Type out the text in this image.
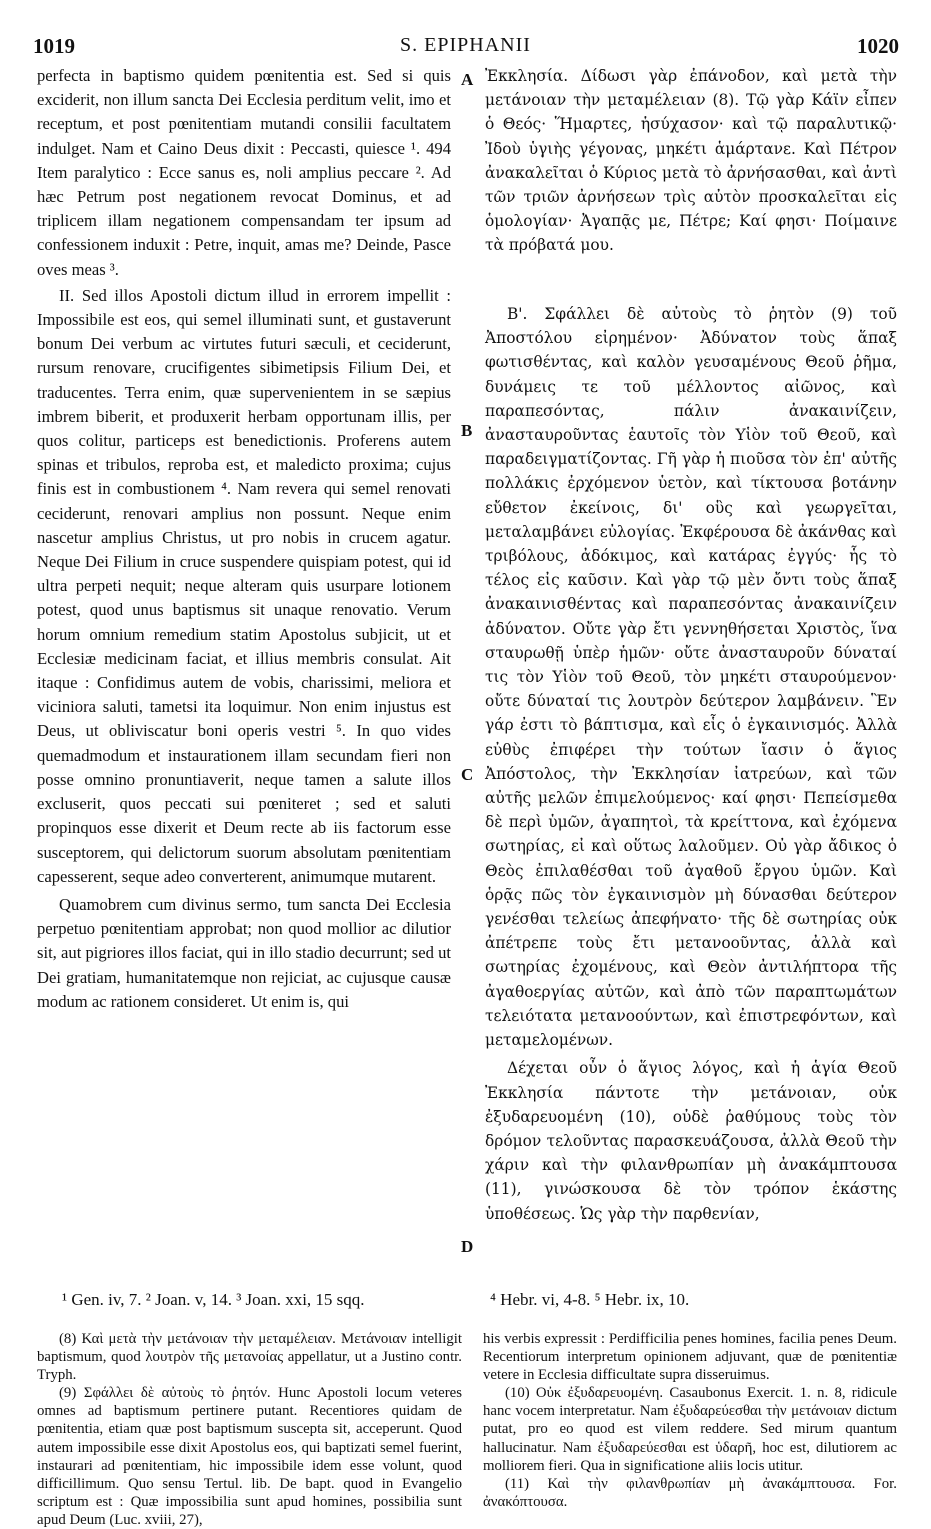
1019	S. EPIPHANII	1020
A
B
C
D

perfecta in baptismo quidem pœnitentia est. Sed si quis exciderit, non illum sancta Dei Ecclesia perditum velit, imo et receptum, et post pœnitentiam mutandi consilii facultatem indulget. Nam et Caino Deus dixit : Peccasti, quiesce ¹. 494 Item paralytico : Ecce sanus es, noli amplius peccare ². Ad hæc Petrum post negationem revocat Dominus, et ad triplicem illam negationem compensandam ter ipsum ad confessionem induxit : Petre, inquit, amas me? Deinde, Pasce oves meas ³.

II. Sed illos Apostoli dictum illud in errorem impellit : Impossibile est eos, qui semel illuminati sunt, et gustaverunt bonum Dei verbum ac virtutes futuri sæculi, et ceciderunt, rursum renovare, crucifigentes sibimetipsis Filium Dei, et traducentes. Terra enim, quæ supervenientem in se sæpius imbrem biberit, et produxerit herbam opportunam illis, per quos colitur, particeps est benedictionis. Proferens autem spinas et tribulos, reproba est, et maledicto proxima; cujus finis est in combustionem ⁴. Nam revera qui semel renovati ceciderunt, renovari amplius non possunt. Neque enim nascetur amplius Christus, ut pro nobis in crucem agatur. Neque Dei Filium in cruce suspendere quispiam potest, qui id ultra perpeti nequit; neque alteram quis usurpare lotionem potest, quod unus baptismus sit unaque renovatio. Verum horum omnium remedium statim Apostolus subjicit, ut et Ecclesiæ medicinam faciat, et illius membris consulat. Ait itaque : Confidimus autem de vobis, charissimi, meliora et viciniora saluti, tametsi ita loquimur. Non enim injustus est Deus, ut obliviscatur boni operis vestri ⁵. In quo vides quemadmodum et instaurationem illam secundam fieri non posse omnino pronuntiaverit, neque tamen a salute illos excluserit, quos peccati sui pœniteret ; sed et saluti propinquos esse dixerit et Deum recte ab iis factorum esse susceptorem, qui delictorum suorum absolutam pœnitentiam capesserent, seque adeo converterent, animumque mutarent.

Quamobrem cum divinus sermo, tum sancta Dei Ecclesia perpetuo pœnitentiam approbat; non quod mollior ac dilutior sit, aut pigriores illos faciat, qui in illo stadio decurrunt; sed ut Dei gratiam, humanitatemque non rejiciat, ac cujusque causæ modum ac rationem consideret. Ut enim is, qui

Ἐκκλησία. Δίδωσι γὰρ ἐπάνοδον, καὶ μετὰ τὴν μετάνοιαν τὴν μεταμέλειαν (8). Τῷ γὰρ Κάϊν εἶπεν ὁ Θεός· Ἥμαρτες, ἡσύχασον· καὶ τῷ παραλυτικῷ· Ἰδοὺ ὑγιὴς γέγονας, μηκέτι ἁμάρτανε. Καὶ Πέτρον ἀνακαλεῖται ὁ Κύριος μετὰ τὸ ἀρνήσασθαι, καὶ ἀντὶ τῶν τριῶν ἀρνήσεων τρὶς αὐτὸν προσκαλεῖται εἰς ὁμολογίαν· Ἀγαπᾷς με, Πέτρε; Καί φησι· Ποίμαινε τὰ πρόβατά μου.

Β'. Σφάλλει δὲ αὐτοὺς τὸ ῥητὸν (9) τοῦ Ἀποστόλου εἰρημένον· Ἀδύνατον τοὺς ἅπαξ φωτισθέντας, καὶ καλὸν γευσαμένους Θεοῦ ῥῆμα, δυνάμεις τε τοῦ μέλλοντος αἰῶνος, καὶ παραπεσόντας, πάλιν ἀνακαινίζειν, ἀνασταυροῦντας ἑαυτοῖς τὸν Υἱὸν τοῦ Θεοῦ, καὶ παραδειγματίζοντας. Γῆ γὰρ ἡ πιοῦσα τὸν ἐπ' αὐτῆς πολλάκις ἐρχόμενον ὑετὸν, καὶ τίκτουσα βοτάνην εὔθετον ἐκείνοις, δι' οὓς καὶ γεωργεῖται, μεταλαμβάνει εὐλογίας. Ἐκφέρουσα δὲ ἀκάνθας καὶ τριβόλους, ἀδόκιμος, καὶ κατάρας ἐγγύς· ἧς τὸ τέλος εἰς καῦσιν. Καὶ γὰρ τῷ μὲν ὄντι τοὺς ἅπαξ ἀνακαινισθέντας καὶ παραπεσόντας ἀνακαινίζειν ἀδύνατον. Οὔτε γὰρ ἔτι γεννηθήσεται Χριστὸς, ἵνα σταυρωθῇ ὑπὲρ ἡμῶν· οὔτε ἀνασταυροῦν δύναταί τις τὸν Υἱὸν τοῦ Θεοῦ, τὸν μηκέτι σταυρούμενον· οὔτε δύναταί τις λουτρὸν δεύτερον λαμβάνειν. Ἓν γάρ ἐστι τὸ βάπτισμα, καὶ εἷς ὁ ἐγκαινισμός. Ἀλλὰ εὐθὺς ἐπιφέρει τὴν τούτων ἴασιν ὁ ἅγιος Ἀπόστολος, τὴν Ἐκκλησίαν ἰατρεύων, καὶ τῶν αὐτῆς μελῶν ἐπιμελούμενος· καί φησι· Πεπείσμεθα δὲ περὶ ὑμῶν, ἀγαπητοὶ, τὰ κρείττονα, καὶ ἐχόμενα σωτηρίας, εἰ καὶ οὕτως λαλοῦμεν. Οὐ γὰρ ἄδικος ὁ Θεὸς ἐπιλαθέσθαι τοῦ ἀγαθοῦ ἔργου ὑμῶν. Καὶ ὁρᾷς πῶς τὸν ἐγκαινισμὸν μὴ δύνασθαι δεύτερον γενέσθαι τελείως ἀπεφήνατο· τῆς δὲ σωτηρίας οὐκ ἀπέτρεπε τοὺς ἔτι μετανοοῦντας, ἀλλὰ καὶ σωτηρίας ἐχομένους, καὶ Θεὸν ἀντιλήπτορα τῆς ἀγαθοεργίας αὐτῶν, καὶ ἀπὸ τῶν παραπτωμάτων τελειότατα μετανοούντων, καὶ ἐπιστρεφόντων, καὶ μεταμελομένων.

Δέχεται οὖν ὁ ἅγιος λόγος, καὶ ἡ ἁγία Θεοῦ Ἐκκλησία πάντοτε τὴν μετάνοιαν, οὐκ ἐξυδαρευομένη (10), οὐδὲ ῥαθύμους τοὺς τὸν δρόμον τελοῦντας παρασκευάζουσα, ἀλλὰ Θεοῦ τὴν χάριν καὶ τὴν φιλανθρωπίαν μὴ ἀνακάμπτουσα (11), γινώσκουσα δὲ τὸν τρόπον ἑκάστης ὑποθέσεως. Ὡς γὰρ τὴν παρθενίαν,

¹ Gen. iv, 7. ² Joan. v, 14. ³ Joan. xxi, 15 sqq.	⁴ Hebr. vi, 4-8. ⁵ Hebr. ix, 10.

(8) Καὶ μετὰ τὴν μετάνοιαν τὴν μεταμέλειαν. Μετάνοιαν intelligit baptismum, quod λουτρὸν τῆς μετανοίας appellatur, ut a Justino contr. Tryph.

(9) Σφάλλει δὲ αὐτοὺς τὸ ῥητόν. Hunc Apostoli locum veteres omnes ad baptismum pertinere putant. Recentiores quidam de pœnitentia, etiam quæ post baptismum suscepta sit, acceperunt. Quod autem impossibile esse dixit Apostolus eos, qui baptizati semel fuerint, instaurari ad pœnitentiam, hic impossibile idem esse volunt, quod difficillimum. Quo sensu Tertul. lib. De bapt. quod in Evangelio scriptum est : Quæ impossibilia sunt apud homines, possibilia sunt apud Deum (Luc. xviii, 27),

his verbis expressit : Perdifficilia penes homines, facilia penes Deum. Recentiorum interpretum opinionem adjuvant, quæ de pœnitentiæ vetere in Ecclesia difficultate supra disseruimus.

(10) Οὐκ ἐξυδαρευομένη. Casaubonus Exercit. 1. n. 8, ridicule hanc vocem interpretatur. Nam ἐξυδαρεύεσθαι τὴν μετάνοιαν dictum putat, pro eo quod est vilem reddere. Sed mirum quantum hallucinatur. Nam ἐξυδαρεύεσθαι est ὑδαρῆ, hoc est, dilutiorem ac molliorem fieri. Qua in significatione aliis locis utitur.

(11) Καὶ τὴν φιλανθρωπίαν μὴ ἀνακάμπτουσα. For. ἀνακόπτουσα.
